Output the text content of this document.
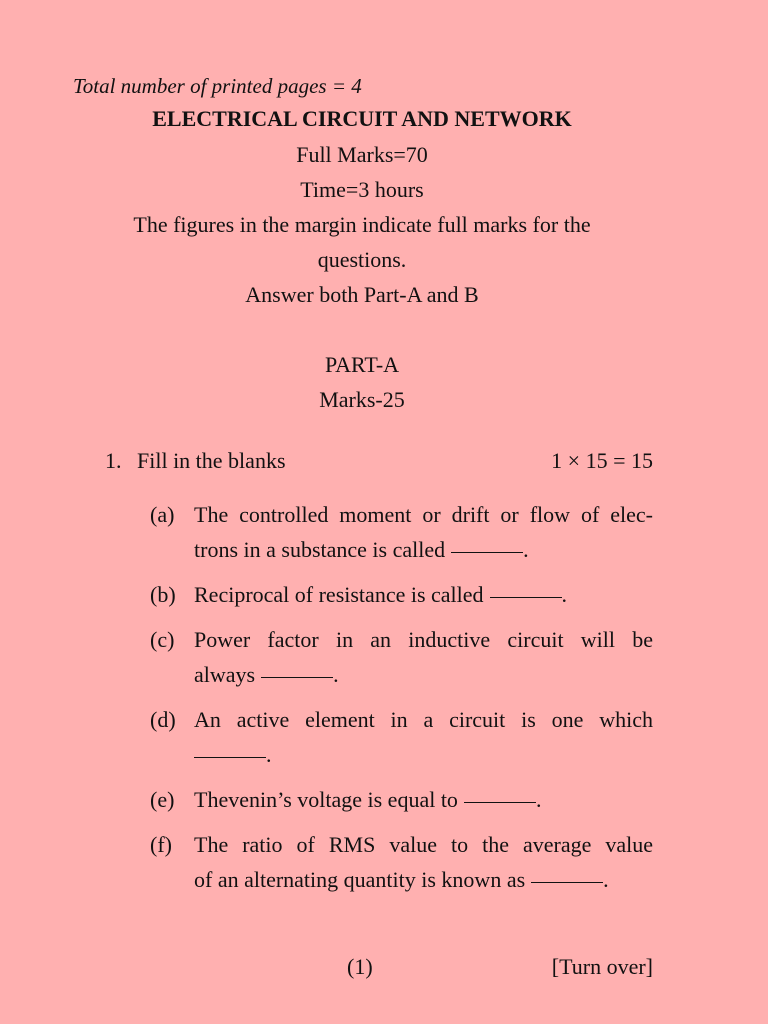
Total number of printed pages = 4
ELECTRICAL CIRCUIT AND NETWORK
Full Marks=70
Time=3 hours
The figures in the margin indicate full marks for the
questions.
Answer both Part-A and B
PART-A
Marks-25
1. Fill in the blanks	1 × 15 = 15
(a) The controlled moment or drift or flow of elec-
trons in a substance is called	.
(b) Reciprocal of resistance is called	.
(c) Power factor in an inductive circuit will be
always	.
(d) An active element in a circuit is one which
.
(e) Thevenin’s voltage is equal to	.
(f)	The ratio of RMS value to the average value
of an alternating quantity is known as	.
(1)	[Turn over]
